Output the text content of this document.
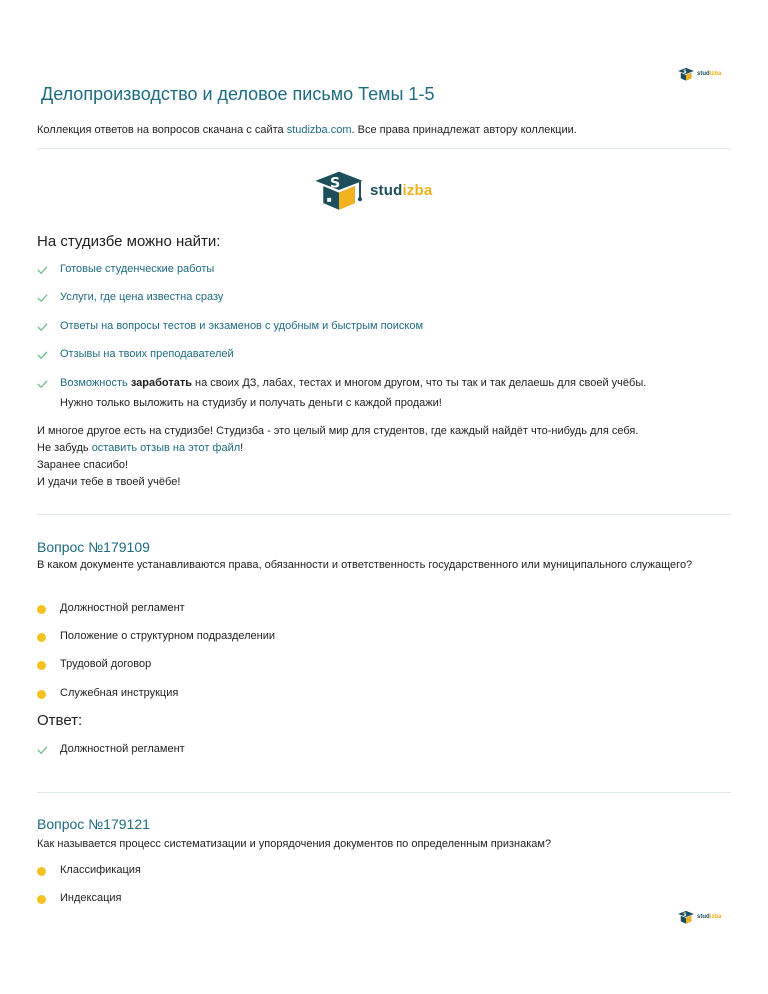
S studizba
Делопроизводство и деловое письмо Темы 1-5
Коллекция ответов на вопросов скачана с сайта studizba.com. Все права принадлежат автору коллекции.
S studizba
На студизбе можно найти:
Готовые студенческие работы
Услуги, где цена известна сразу
Ответы на вопросы тестов и экзаменов с удобным и быстрым поиском
Отзывы на твоих преподавателей
Возможность заработать на своих ДЗ, лабах, тестах и многом другом, что ты так и так делаешь для своей учёбы.
Нужно только выложить на студизбу и получать деньги с каждой продажи!
И многое другое есть на студизбе! Студизба - это целый мир для студентов, где каждый найдёт что-нибудь для себя.
Не забудь оставить отзыв на этот файл!
Заранее спасибо!
И удачи тебе в твоей учёбе!
Вопрос №179109
В каком документе устанавливаются права, обязанности и ответственность государственного или муниципального служащего?
Должностной регламент
Положение о структурном подразделении
Трудовой договор
Служебная инструкция
Ответ:
Должностной регламент
Вопрос №179121
Как называется процесс систематизации и упорядочения документов по определенным признакам?
Классификация
Индексация
S studizba
